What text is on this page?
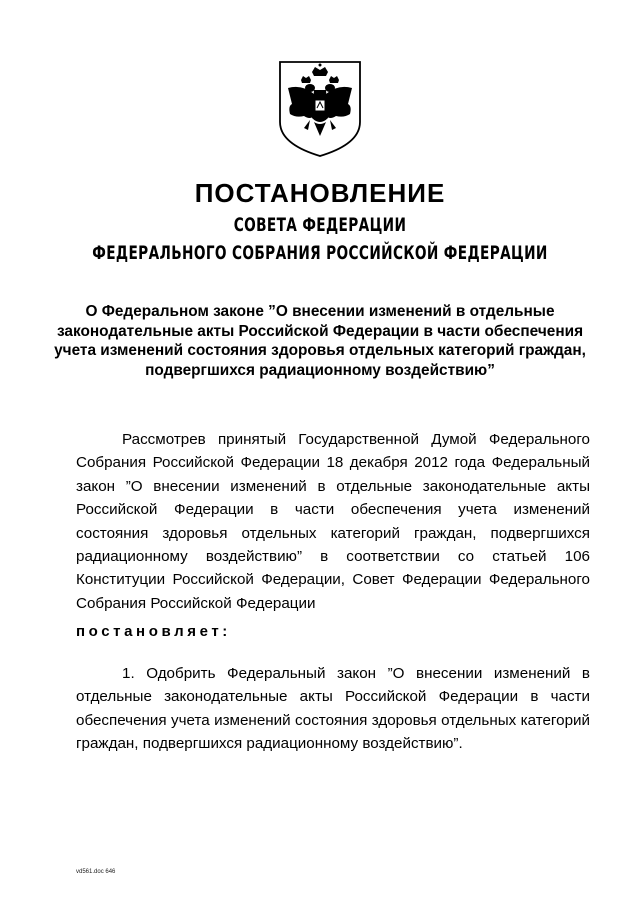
ПОСТАНОВЛЕНИЕ
СОВЕТА ФЕДЕРАЦИИ
ФЕДЕРАЛЬНОГО СОБРАНИЯ РОССИЙСКОЙ ФЕДЕРАЦИИ

О Федеральном законе ”О внесении изменений в отдельные законодательные акты Российской Федерации в части обеспечения учета изменений состояния здоровья отдельных категорий граждан, подвергшихся радиационному воздействию”

Рассмотрев принятый Государственной Думой Федерального Собрания Российской Федерации 18 декабря 2012 года Федеральный закон ”О внесении изменений в отдельные законодательные акты Российской Федерации в части обеспечения учета изменений состояния здоровья отдельных категорий граждан, подвергшихся радиационному воздействию” в соответствии со статьей 106 Конституции Российской Федерации, Совет Федерации Федерального Собрания Российской Федерации

постановляет:

1. Одобрить Федеральный закон ”О внесении изменений в отдельные законодательные акты Российской Федерации в части обеспечения учета изменений состояния здоровья отдельных категорий граждан, подвергшихся радиационному воздействию”.

vd561.doc 646
